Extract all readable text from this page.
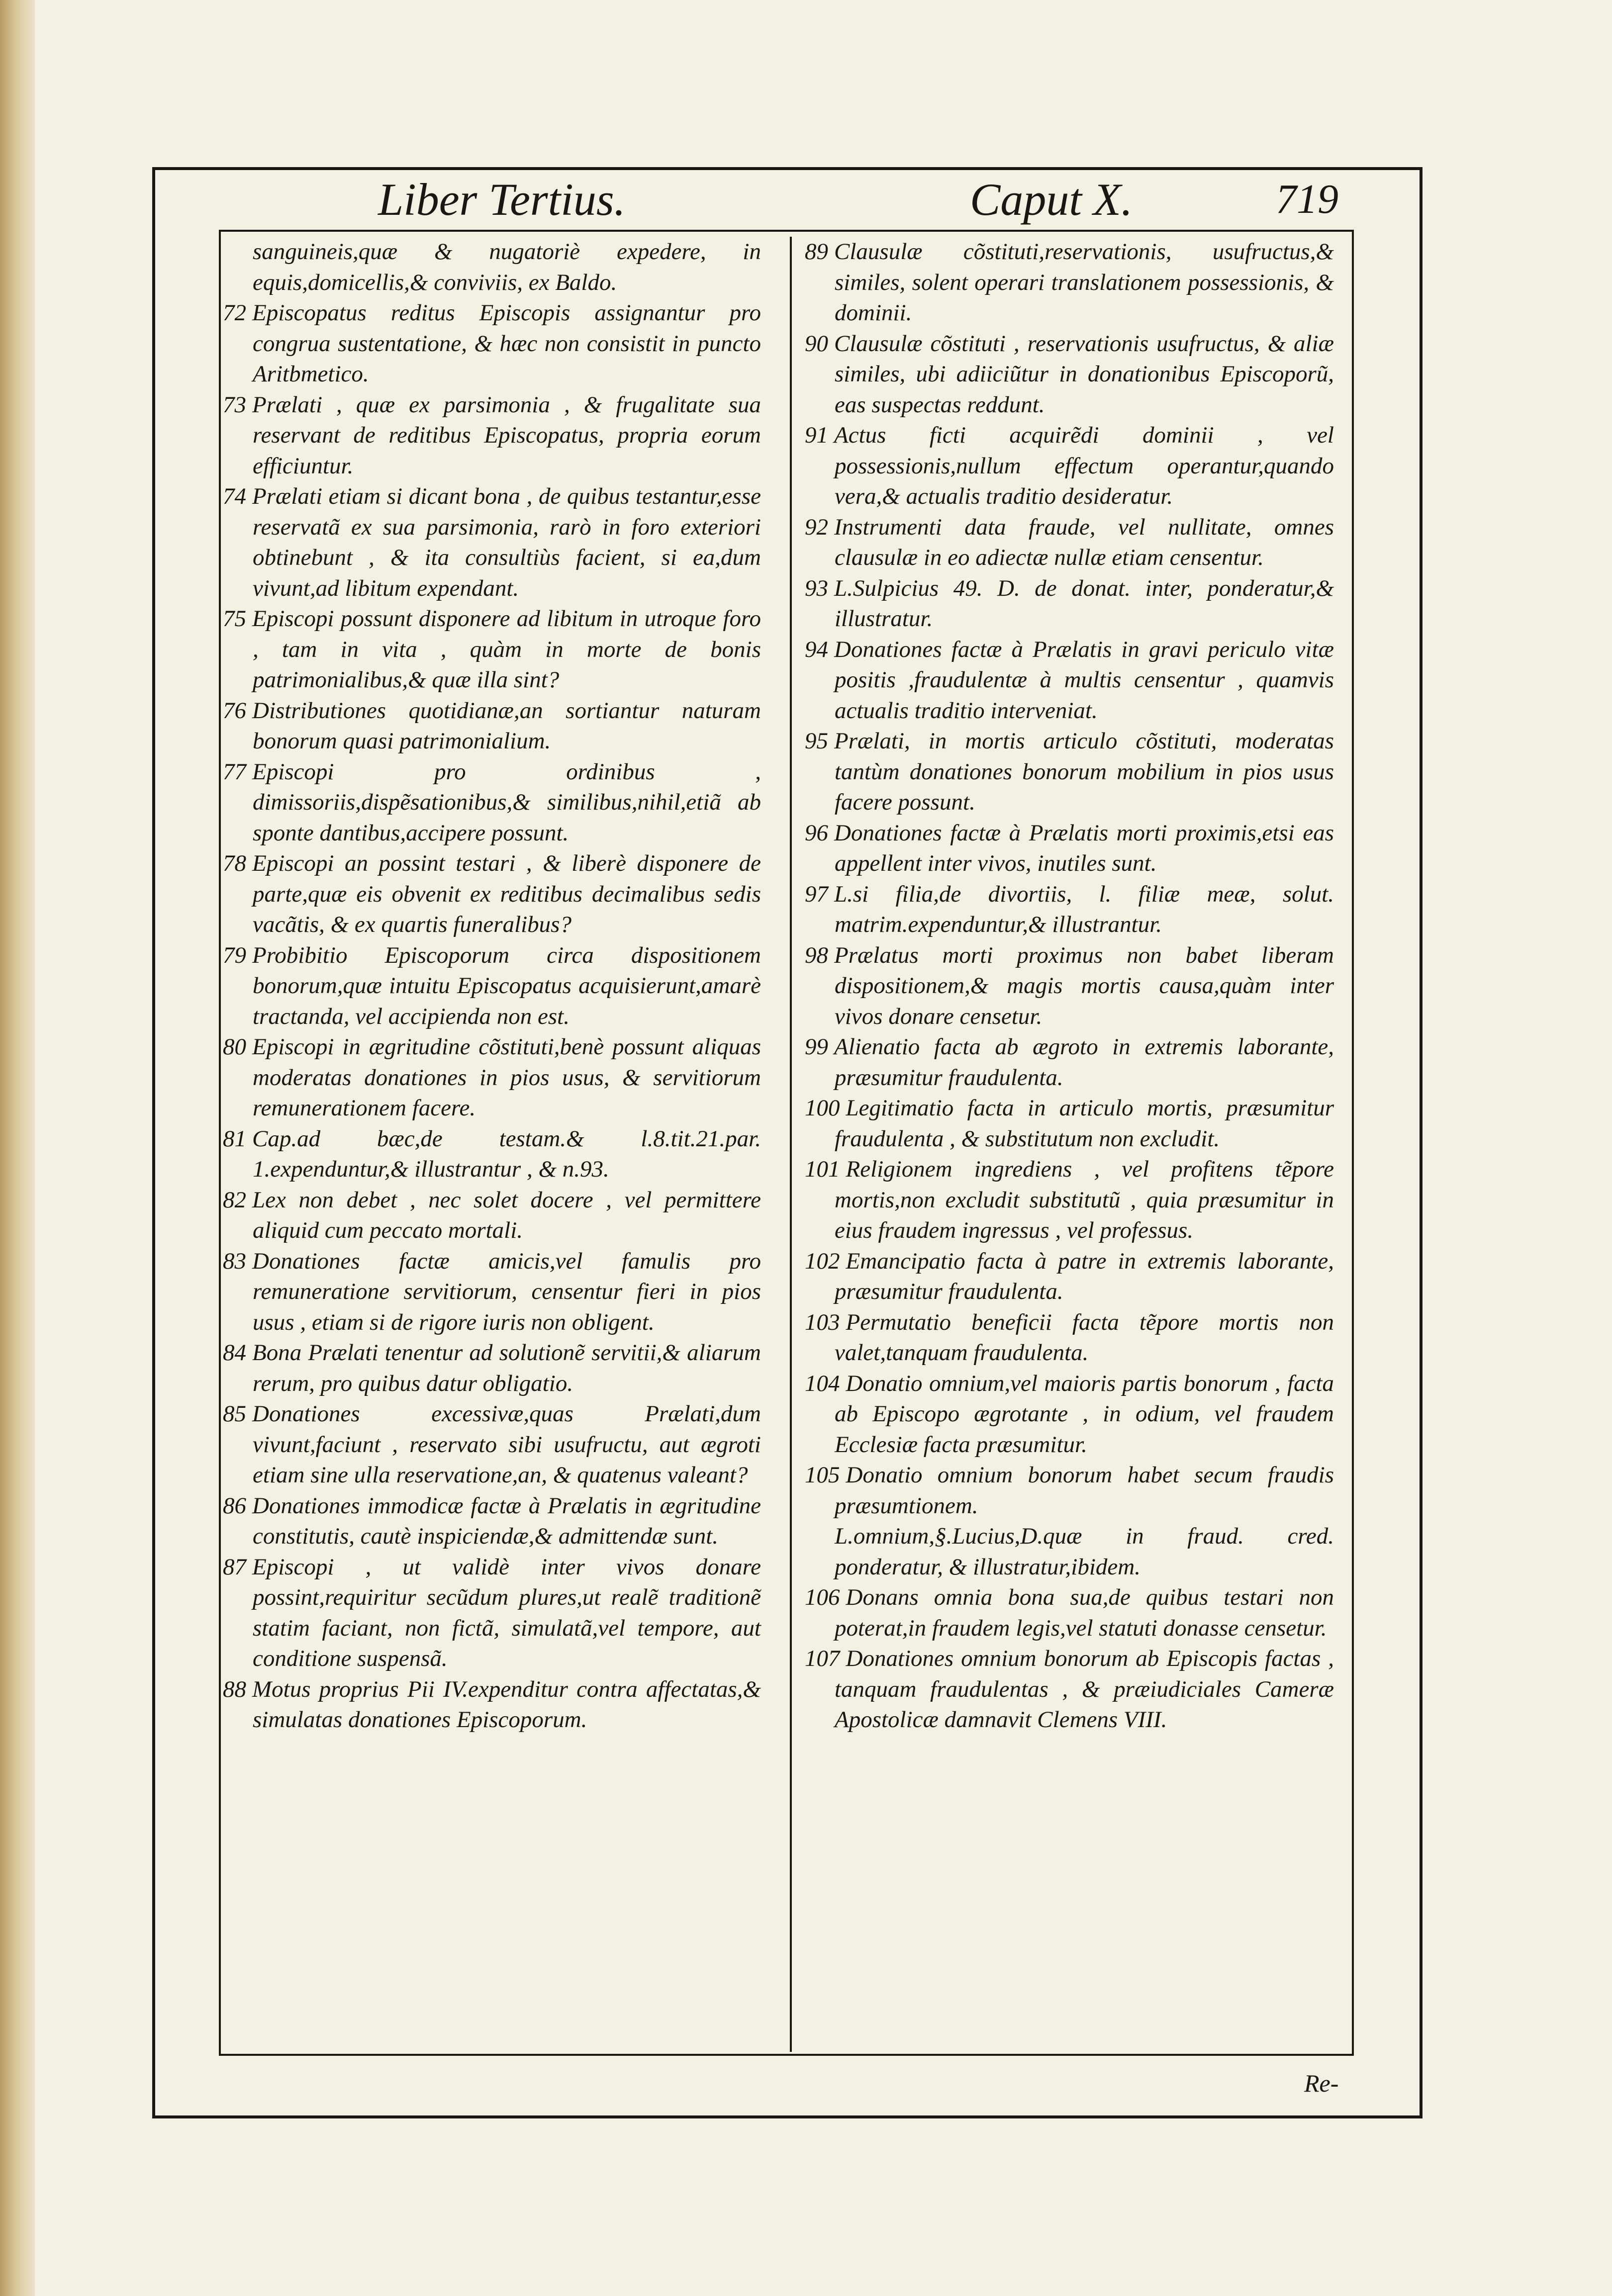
Liber Tertius.	Caput X.	719

sanguineis,quæ & nugatoriè expedere, in equis,domicellis,& conviviis, ex Baldo.

72 Episcopatus reditus Episcopis assignantur pro congrua sustentatione, & hæc non consistit in puncto Aritbmetico.

73 Prælati , quæ ex parsimonia , & frugalitate sua reservant de reditibus Episcopatus, propria eorum efficiuntur.

74 Prælati etiam si dicant bona , de quibus testantur,esse reservatã ex sua parsimonia, rarò in foro exteriori obtinebunt , & ita consultiùs facient, si ea,dum vivunt,ad libitum expendant.

75 Episcopi possunt disponere ad libitum in utroque foro , tam in vita , quàm in morte de bonis patrimonialibus,& quæ illa sint?

76 Distributiones quotidianæ,an sortiantur naturam bonorum quasi patrimonialium.

77 Episcopi pro ordinibus , dimissoriis,dispẽsationibus,& similibus,nihil,etiã ab sponte dantibus,accipere possunt.

78 Episcopi an possint testari , & liberè disponere de parte,quæ eis obvenit ex reditibus decimalibus sedis vacãtis, & ex quartis funeralibus?

79 Probibitio Episcoporum circa dispositionem bonorum,quæ intuitu Episcopatus acquisierunt,amarè tractanda, vel accipienda non est.

80 Episcopi in ægritudine cõstituti,benè possunt aliquas moderatas donationes in pios usus, & servitiorum remunerationem facere.

81 Cap.ad bæc,de testam.& l.8.tit.21.par. 1.expenduntur,& illustrantur , & n.93.

82 Lex non debet , nec solet docere , vel permittere aliquid cum peccato mortali.

83 Donationes factæ amicis,vel famulis pro remuneratione servitiorum, censentur fieri in pios usus , etiam si de rigore iuris non obligent.

84 Bona Prælati tenentur ad solutionẽ servitii,& aliarum rerum, pro quibus datur obligatio.

85 Donationes excessivæ,quas Prælati,dum vivunt,faciunt , reservato sibi usufructu, aut ægroti etiam sine ulla reservatione,an, & quatenus valeant?

86 Donationes immodicæ factæ à Prælatis in ægritudine constitutis, cautè inspiciendæ,& admittendæ sunt.

87 Episcopi , ut validè inter vivos donare possint,requiritur secũdum plures,ut realẽ traditionẽ statim faciant, non fictã, simulatã,vel tempore, aut conditione suspensã.

88 Motus proprius Pii IV.expenditur contra affectatas,& simulatas donationes Episcoporum.

89 Clausulæ cõstituti,reservationis, usufructus,& similes, solent operari translationem possessionis, & dominii.

90 Clausulæ cõstituti , reservationis usufructus, & aliæ similes, ubi adiiciũtur in donationibus Episcoporũ, eas suspectas reddunt.

91 Actus ficti acquirẽdi dominii , vel possessionis,nullum effectum operantur,quando vera,& actualis traditio desideratur.

92 Instrumenti data fraude, vel nullitate, omnes clausulæ in eo adiectæ nullæ etiam censentur.

93 L.Sulpicius 49. D. de donat. inter, ponderatur,& illustratur.

94 Donationes factæ à Prælatis in gravi periculo vitæ positis ,fraudulentæ à multis censentur , quamvis actualis traditio interveniat.

95 Prælati, in mortis articulo cõstituti, moderatas tantùm donationes bonorum mobilium in pios usus facere possunt.

96 Donationes factæ à Prælatis morti proximis,etsi eas appellent inter vivos, inutiles sunt.

97 L.si filia,de divortiis, l. filiæ meæ, solut. matrim.expenduntur,& illustrantur.

98 Prælatus morti proximus non babet liberam dispositionem,& magis mortis causa,quàm inter vivos donare censetur.

99 Alienatio facta ab ægroto in extremis laborante, præsumitur fraudulenta.

100 Legitimatio facta in articulo mortis, præsumitur fraudulenta , & substitutum non excludit.

101 Religionem ingrediens , vel profitens tẽpore mortis,non excludit substitutũ , quia præsumitur in eius fraudem ingressus , vel professus.

102 Emancipatio facta à patre in extremis laborante, præsumitur fraudulenta.

103 Permutatio beneficii facta tẽpore mortis non valet,tanquam fraudulenta.

104 Donatio omnium,vel maioris partis bonorum , facta ab Episcopo ægrotante , in odium, vel fraudem Ecclesiæ facta præsumitur.

105 Donatio omnium bonorum habet secum fraudis præsumtionem.

L.omnium,§.Lucius,D.quæ in fraud. cred. ponderatur, & illustratur,ibidem.

106 Donans omnia bona sua,de quibus testari non poterat,in fraudem legis,vel statuti donasse censetur.

107 Donationes omnium bonorum ab Episcopis factas , tanquam fraudulentas , & præiudiciales Cameræ Apostolicæ damnavit Clemens VIII.

Re-
